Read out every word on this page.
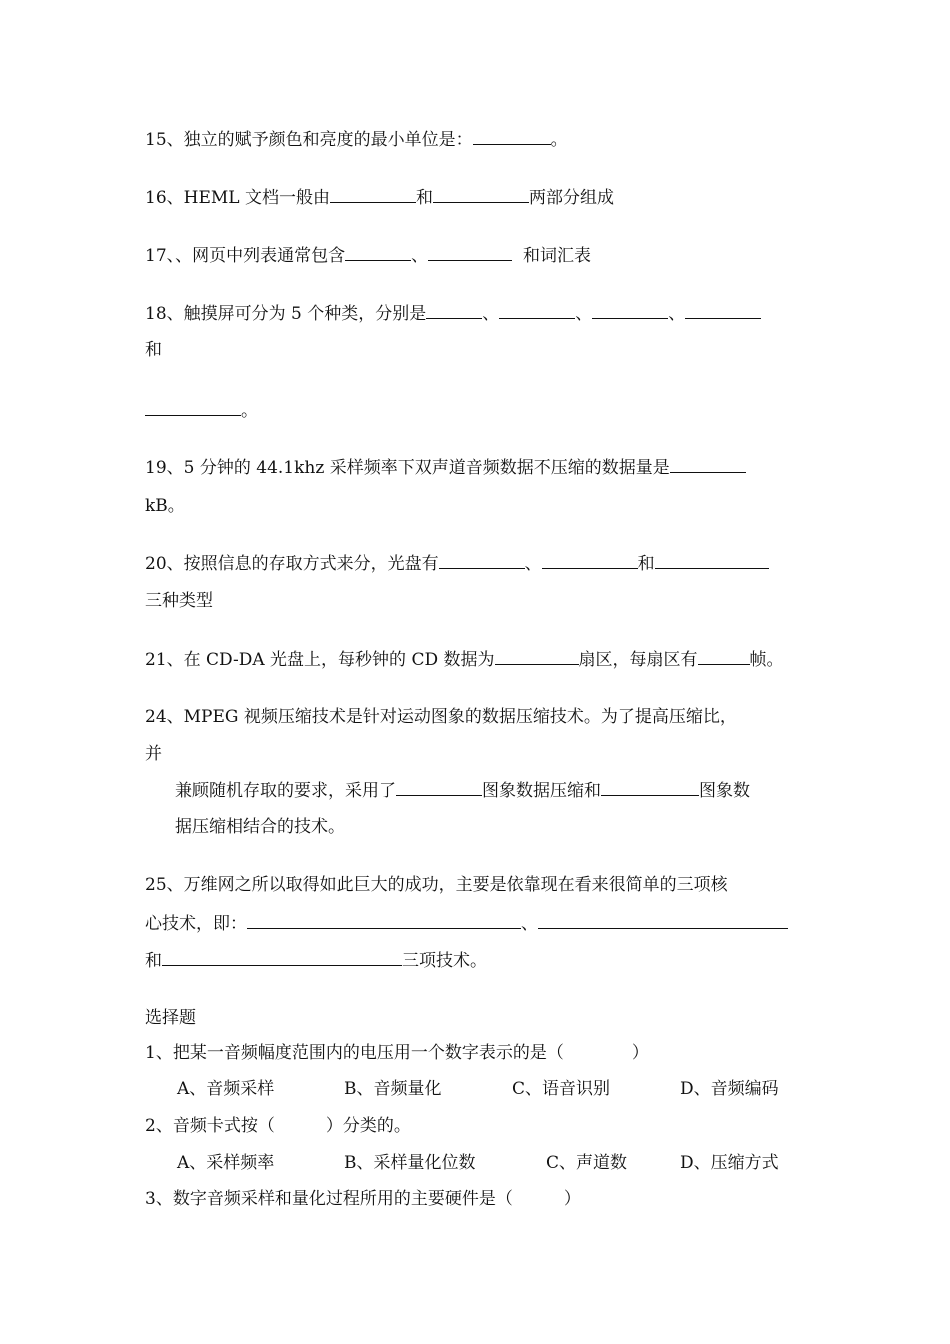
15、独立的赋予颜色和亮度的最小单位是：	。
16、HEML 文档一般由	和	两部分组成
17、、网页中列表通常包含	、	和词汇表
18、触摸屏可分为 5 个种类，分别是	、	、	、
和
。
19、5 分钟的 44.1khz 采样频率下双声道音频数据不压缩的数据量是
kB。
20、按照信息的存取方式来分，光盘有	、	和
三种类型
21、在 CD-DA 光盘上，每秒钟的 CD 数据为	扇区，每扇区有	帧。
24、MPEG 视频压缩技术是针对运动图象的数据压缩技术。为了提高压缩比，
并
兼顾随机存取的要求，采用了	图象数据压缩和	图象数
据压缩相结合的技术。
25、万维网之所以取得如此巨大的成功，主要是依靠现在看来很简单的三项核
心技术，即：	、
和	三项技术。
选择题
1、把某一音频幅度范围内的电压用一个数字表示的是（　　　　）
A、音频采样	B、音频量化	C、语音识别	D、音频编码
2、音频卡式按（　　　）分类的。
A、采样频率	B、采样量化位数	C、声道数	D、压缩方式
3、数字音频采样和量化过程所用的主要硬件是（　　　）
